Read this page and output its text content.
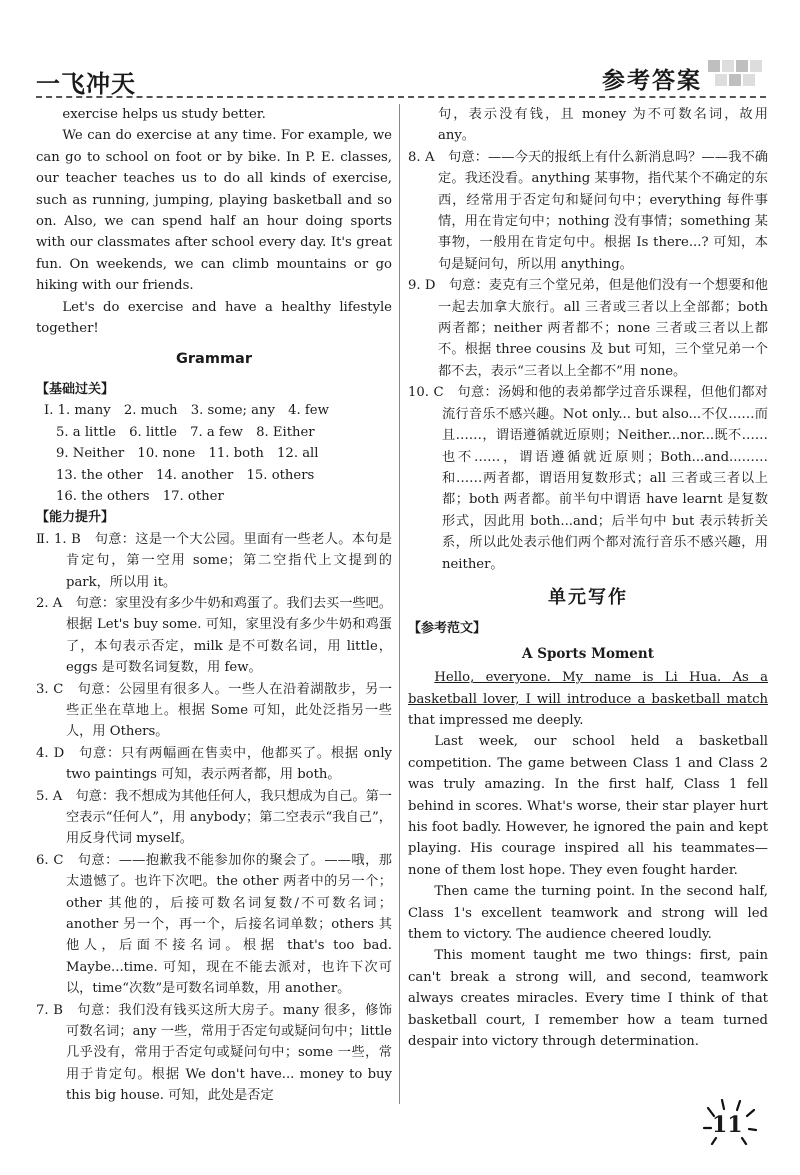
一飞冲天	参考答案

exercise helps us study better.

We can do exercise at any time. For example, we can go to school on foot or by bike. In P. E. classes, our teacher teaches us to do all kinds of exercise, such as running, jumping, playing basketball and so on. Also, we can spend half an hour doing sports with our classmates after school every day. It's great fun. On weekends, we can climb mountains or go hiking with our friends.

Let's do exercise and have a healthy lifestyle together!

Grammar
【基础过关】
Ⅰ. 1. many　2. much　3. some; any　4. few
5. a little　6. little　7. a few　8. Either
9. Neither　10. none　11. both　12. all
13. the other　14. another　15. others
16. the others　17. other
【能力提升】

Ⅱ. 1. B　句意：这是一个大公园。里面有一些老人。本句是肯定句，第一空用 some；第二空指代上文提到的 park，所以用 it。

2. A　句意：家里没有多少牛奶和鸡蛋了。我们去买一些吧。根据 Let's buy some. 可知，家里没有多少牛奶和鸡蛋了，本句表示否定，milk 是不可数名词，用 little，eggs 是可数名词复数，用 few。

3. C　句意：公园里有很多人。一些人在沿着湖散步，另一些正坐在草地上。根据 Some 可知，此处泛指另一些人，用 Others。

4. D　句意：只有两幅画在售卖中，他都买了。根据 only two paintings 可知，表示两者都，用 both。

5. A　句意：我不想成为其他任何人，我只想成为自己。第一空表示“任何人”，用 anybody；第二空表示“我自己”，用反身代词 myself。

6. C　句意：——抱歉我不能参加你的聚会了。——哦，那太遗憾了。也许下次吧。the other 两者中的另一个；other 其他的，后接可数名词复数/不可数名词；another 另一个，再一个，后接名词单数；others 其他人，后面不接名词。根据 that's too bad. Maybe...time. 可知，现在不能去派对，也许下次可以，time“次数”是可数名词单数，用 another。

7. B　句意：我们没有钱买这所大房子。many 很多，修饰可数名词；any 一些，常用于否定句或疑问句中；little 几乎没有，常用于否定句或疑问句中；some 一些，常用于肯定句。根据 We don't have... money to buy this big house. 可知，此处是否定

句，表示没有钱，且 money 为不可数名词，故用 any。

8. A　句意：——今天的报纸上有什么新消息吗？——我不确定。我还没看。anything 某事物，指代某个不确定的东西，经常用于否定句和疑问句中；everything 每件事情，用在肯定句中；nothing 没有事情；something 某事物，一般用在肯定句中。根据 Is there...? 可知，本句是疑问句，所以用 anything。

9. D　句意：麦克有三个堂兄弟，但是他们没有一个想要和他一起去加拿大旅行。all 三者或三者以上全部都；both 两者都；neither 两者都不；none 三者或三者以上都不。根据 three cousins 及 but 可知，三个堂兄弟一个都不去，表示“三者以上全都不”用 none。

10. C　句意：汤姆和他的表弟都学过音乐课程，但他们都对流行音乐不感兴趣。Not only... but also...不仅……而且……，谓语遵循就近原则；Neither...nor...既不……也不……，谓语遵循就近原则；Both...and...……和……两者都，谓语用复数形式；all 三者或三者以上都；both 两者都。前半句中谓语 have learnt 是复数形式，因此用 both...and；后半句中 but 表示转折关系，所以此处表示他们两个都对流行音乐不感兴趣，用 neither。

单元写作
【参考范文】
A Sports Moment

Hello, everyone. My name is Li Hua. As a basketball lover, I will introduce a basketball match that impressed me deeply.

Last week, our school held a basketball competition. The game between Class 1 and Class 2 was truly amazing. In the first half, Class 1 fell behind in scores. What's worse, their star player hurt his foot badly. However, he ignored the pain and kept playing. His courage inspired all his teammates—none of them lost hope. They even fought harder.

Then came the turning point. In the second half, Class 1's excellent teamwork and strong will led them to victory. The audience cheered loudly.

This moment taught me two things: first, pain can't break a strong will, and second, teamwork always creates miracles. Every time I think of that basketball court, I remember how a team turned despair into victory through determination.

11
